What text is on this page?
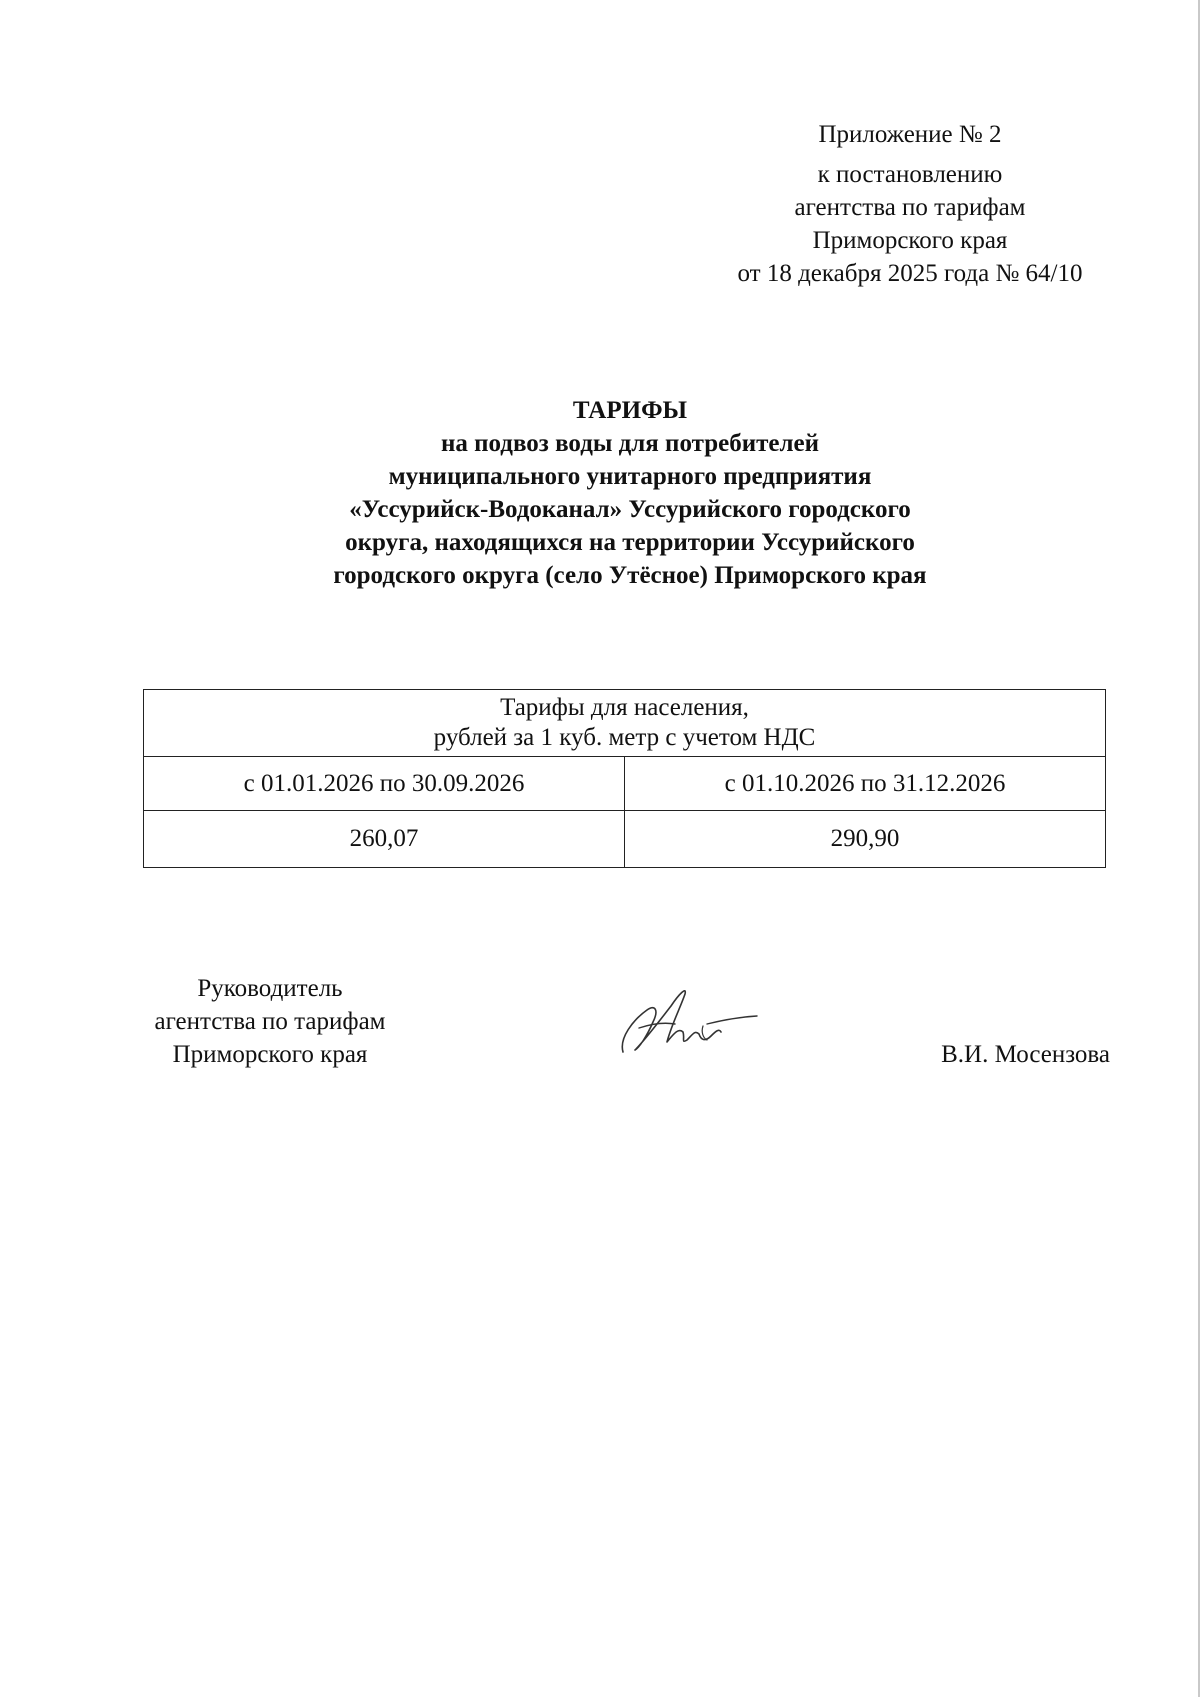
Приложение № 2
к постановлению
агентства по тарифам
Приморского края
от 18 декабря 2025 года № 64/10
ТАРИФЫ
на подвоз воды для потребителей
муниципального унитарного предприятия
«Уссурийск-Водоканал» Уссурийского городского
округа, находящихся на территории Уссурийского
городского округа (село Утёсное) Приморского края
Тарифы для населения,
рублей за 1 куб. метр с учетом НДС	

с 01.01.2026 по 30.09.2026	с 01.10.2026 по 31.12.2026
260,07	290,90
Руководитель
агентства по тарифам
Приморского края	В.И. Мосензова
